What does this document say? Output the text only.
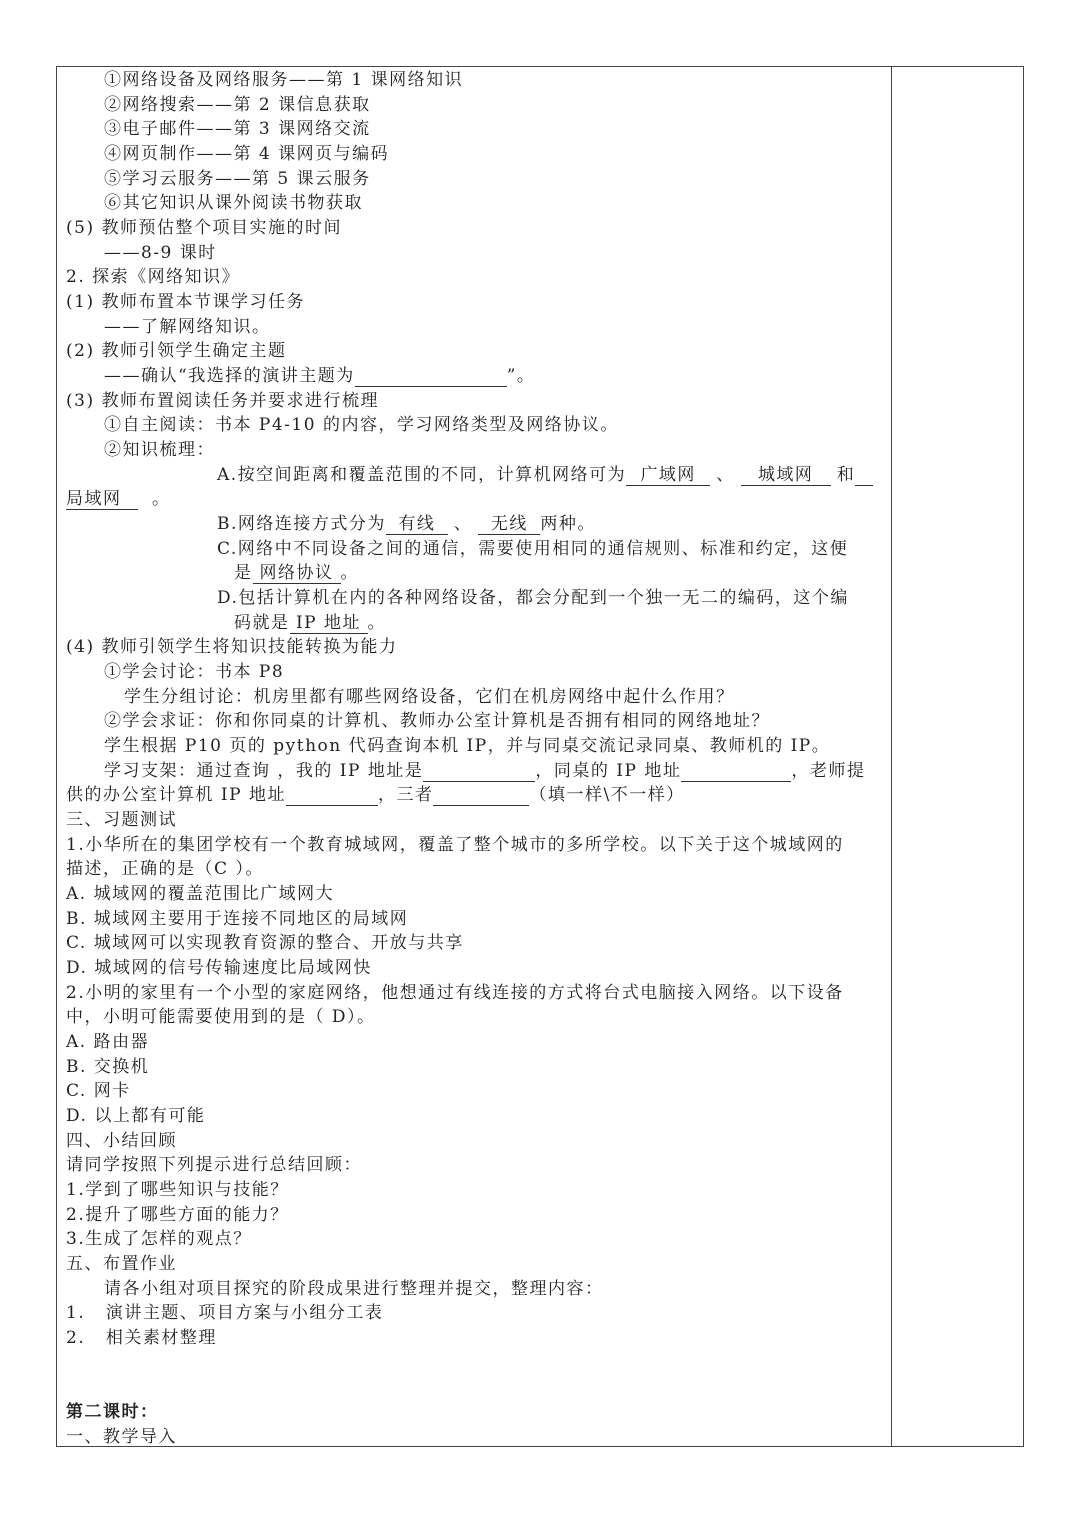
①网络设备及网络服务——第 1 课网络知识
②网络搜索——第 2 课信息获取
③电子邮件——第 3 课网络交流
④网页制作——第 4 课网页与编码
⑤学习云服务——第 5 课云服务
⑥其它知识从课外阅读书物获取
(5) 教师预估整个项目实施的时间
——8-9 课时
2. 探索《网络知识》
(1) 教师布置本节课学习任务
——了解网络知识。
(2) 教师引领学生确定主题
——确认“我选择的演讲主题为	”。
(3) 教师布置阅读任务并要求进行梳理
①自主阅读：书本 P4-10 的内容，学习网络类型及网络协议。
②知识梳理：
A.按空间距离和覆盖范围的不同，计算机网络可为 广域网 、 城域网 和
局域网 。
B.网络连接方式分为 有线 、 无线 两种。
C.网络中不同设备之间的通信，需要使用相同的通信规则、标准和约定，这便
是 网络协议 。
D.包括计算机在内的各种网络设备，都会分配到一个独一无二的编码，这个编
码就是 IP 地址 。
(4) 教师引领学生将知识技能转换为能力
①学会讨论：书本 P8
学生分组讨论：机房里都有哪些网络设备，它们在机房网络中起什么作用？
②学会求证：你和你同桌的计算机、教师办公室计算机是否拥有相同的网络地址？
学生根据 P10 页的 python 代码查询本机 IP，并与同桌交流记录同桌、教师机的 IP。
学习支架：通过查询 ，我的 IP 地址是	，同桌的 IP 地址	，老师提
供的办公室计算机 IP 地址	，三者	（填一样\不一样）
三、习题测试
1.小华所在的集团学校有一个教育城域网，覆盖了整个城市的多所学校。以下关于这个城域网的
描述，正确的是（C ）。
A. 城域网的覆盖范围比广域网大
B. 城域网主要用于连接不同地区的局域网
C. 城域网可以实现教育资源的整合、开放与共享
D. 城域网的信号传输速度比局域网快
2.小明的家里有一个小型的家庭网络，他想通过有线连接的方式将台式电脑接入网络。以下设备
中，小明可能需要使用到的是（ D）。
A. 路由器
B. 交换机
C. 网卡
D. 以上都有可能
四、小结回顾
请同学按照下列提示进行总结回顾：
1.学到了哪些知识与技能？
2.提升了哪些方面的能力？
3.生成了怎样的观点？
五、布置作业
请各小组对项目探究的阶段成果进行整理并提交，整理内容：
1.   演讲主题、项目方案与小组分工表
2.   相关素材整理
第二课时：
一、教学导入
